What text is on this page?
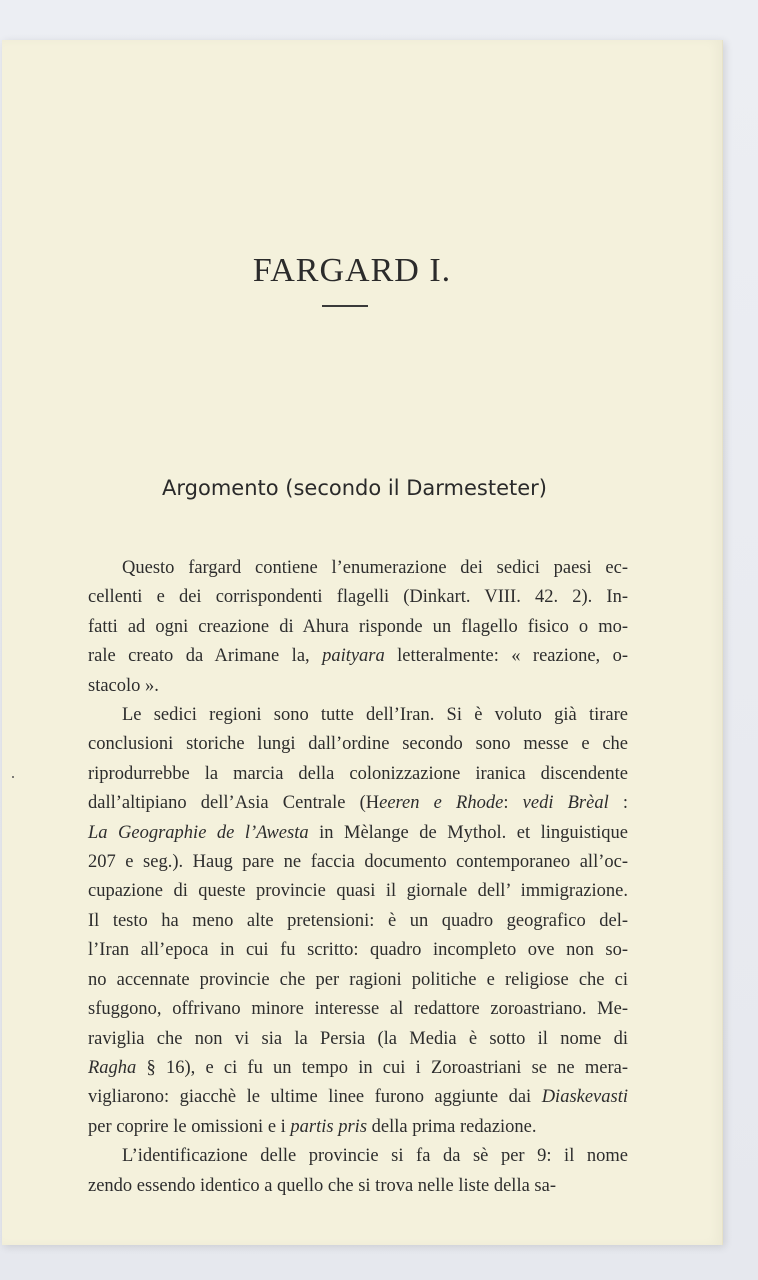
FARGARD I.
Argomento (secondo il Darmesteter)
Questo fargard contiene l’enumerazione dei sedici paesi ec-
cellenti e dei corrispondenti flagelli (Dinkart. VIII. 42. 2). In-
fatti ad ogni creazione di Ahura risponde un flagello fisico o mo-
rale creato da Arimane la, paityara letteralmente: « reazione, o-
stacolo ».
Le sedici regioni sono tutte dell’Iran. Si è voluto già tirare
conclusioni storiche lungi dall’ordine secondo sono messe e che
riprodurrebbe la marcia della colonizzazione iranica discendente
dall’altipiano dell’Asia Centrale (Heeren e Rhode: vedi Brèal :
La Geographie de l’Awesta in Mèlange de Mythol. et linguistique
207 e seg.). Haug pare ne faccia documento contemporaneo all’oc-
cupazione di queste provincie quasi il giornale dell’ immigrazione.
Il testo ha meno alte pretensioni: è un quadro geografico del-
l’Iran all’epoca in cui fu scritto: quadro incompleto ove non so-
no accennate provincie che per ragioni politiche e religiose che ci
sfuggono, offrivano minore interesse al redattore zoroastriano. Me-
raviglia che non vi sia la Persia (la Media è sotto il nome di
Ragha § 16), e ci fu un tempo in cui i Zoroastriani se ne mera-
vigliarono: giacchè le ultime linee furono aggiunte dai Diaskevasti
per coprire le omissioni e i partis pris della prima redazione.
L’identificazione delle provincie si fa da sè per 9: il nome
zendo essendo identico a quello che si trova nelle liste della sa-
